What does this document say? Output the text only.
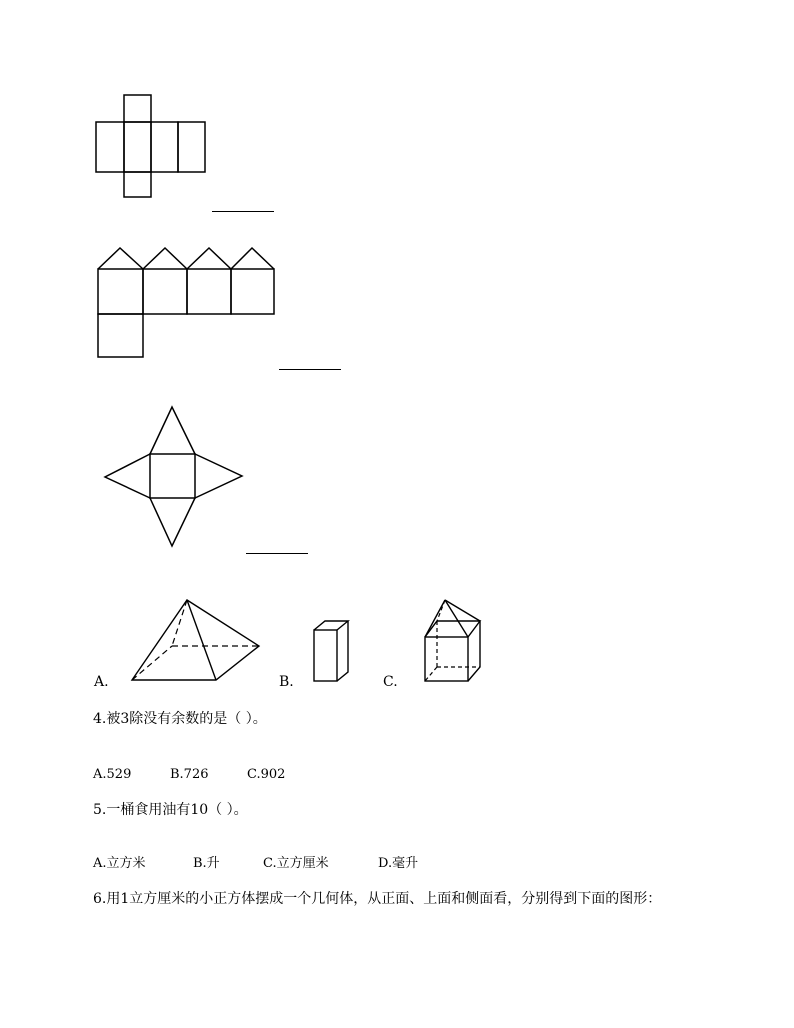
A.	B.	C.
4.被3除没有余数的是（ ）。
A.529	B.726	C.902
5.一桶食用油有10（ ）。
A.立方米	B.升	C.立方厘米	D.毫升
6.用1立方厘米的小正方体摆成一个几何体，从正面、上面和侧面看，分别得到下面的图形：
